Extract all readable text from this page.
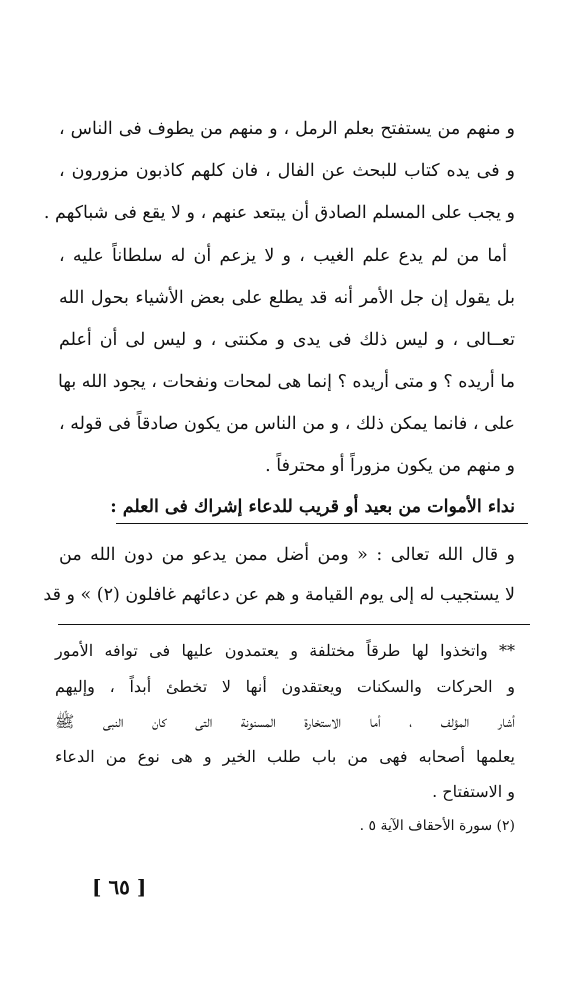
و منهم من يستفتح بعلم الرمل ، و منهم من يطوف فى الناس ،
و فى يده كتاب للبحث عن الفال ، فان كلهم كاذبون مزورون ،
و يجب على المسلم الصادق أن يبتعد عنهم ، و لا يقع فى شباكهم .
أما من لم يدع علم الغيب ، و لا يزعم أن له سلطاناً عليه ،
بل يقول إن جل الأمر أنه قد يطلع على بعض الأشياء بحول الله
تعــالى ، و ليس ذلك فى يدى و مكنتى ، و ليس لى أن أعلم
ما أريده ؟ و متى أريده ؟ إنما هى لمحات ونفحات ، يجود الله بها
على ، فانما يمكن ذلك ، و من الناس من يكون صادقاً فى قوله ،
و منهم من يكون مزوراً أو محترفاً .
نداء الأموات من بعيد أو قريب للدعاء إشراك فى العلم :
و قال الله تعالى : « ومن أضل ممن يدعو من دون الله من
لا يستجيب له إلى يوم القيامة و هم عن دعائهم غافلون (٢) » و قد
** واتخذوا لها طرقاً مختلفة و يعتمدون عليها فى توافه الأمور
و الحركات والسكنات ويعتقدون أنها لا تخطئ أبداً ، وإليهم
أشار المؤلف ، أما الاستخارة المسنونة التى كان النبى ﷺ
يعلمها أصحابه فهى من باب طلب الخير و هى نوع من الدعاء
و الاستفتاح .
(٢) سورة الأحقاف الآية ٥ .
[ ٦٥ ]
